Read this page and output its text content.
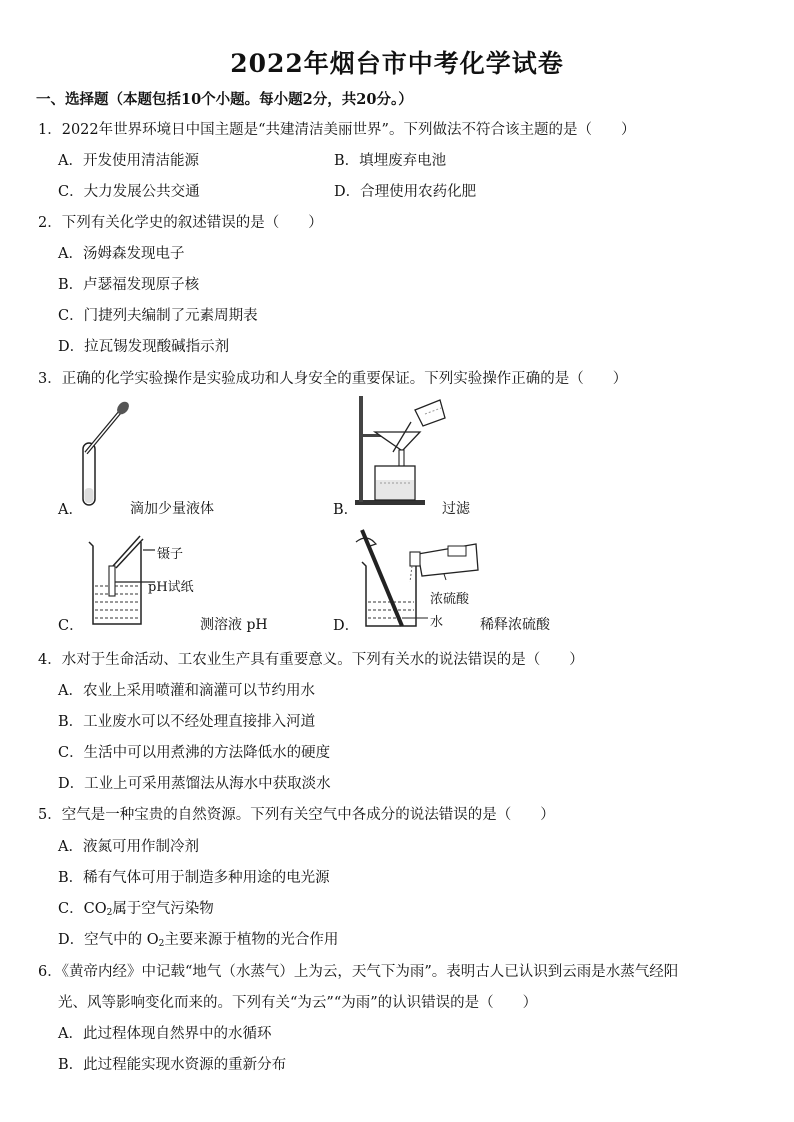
2022年烟台市中考化学试卷
一、选择题（本题包括10个小题。每小题2分，共20分。）
1．2022年世界环境日中国主题是“共建清洁美丽世界”。下列做法不符合该主题的是（　　）
A．开发使用清洁能源	B．填埋废弃电池
C．大力发展公共交通	D．合理使用农药化肥
2．下列有关化学史的叙述错误的是（　　）
A．汤姆森发现电子
B．卢瑟福发现原子核
C．门捷列夫编制了元素周期表
D．拉瓦锡发现酸碱指示剂
3．正确的化学实验操作是实验成功和人身安全的重要保证。下列实验操作正确的是（　　）
A．	滴加少量液体	B．	过滤
镊子
pH试纸
C．	测溶液 pH
浓硫酸
水
D．	稀释浓硫酸
4．水对于生命活动、工农业生产具有重要意义。下列有关水的说法错误的是（　　）
A．农业上采用喷灌和滴灌可以节约用水
B．工业废水可以不经处理直接排入河道
C．生活中可以用煮沸的方法降低水的硬度
D．工业上可采用蒸馏法从海水中获取淡水
5．空气是一种宝贵的自然资源。下列有关空气中各成分的说法错误的是（　　）
A．液氮可用作制冷剂
B．稀有气体可用于制造多种用途的电光源
C．$CO_2$属于空气污染物
D．空气中的 $O_2$主要来源于植物的光合作用
6．《黄帝内经》中记载“地气（水蒸气）上为云，天气下为雨”。表明古人已认识到云雨是水蒸气经阳
光、风等影响变化而来的。下列有关“为云”“为雨”的认识错误的是（　　）
A．此过程体现自然界中的水循环
B．此过程能实现水资源的重新分布
